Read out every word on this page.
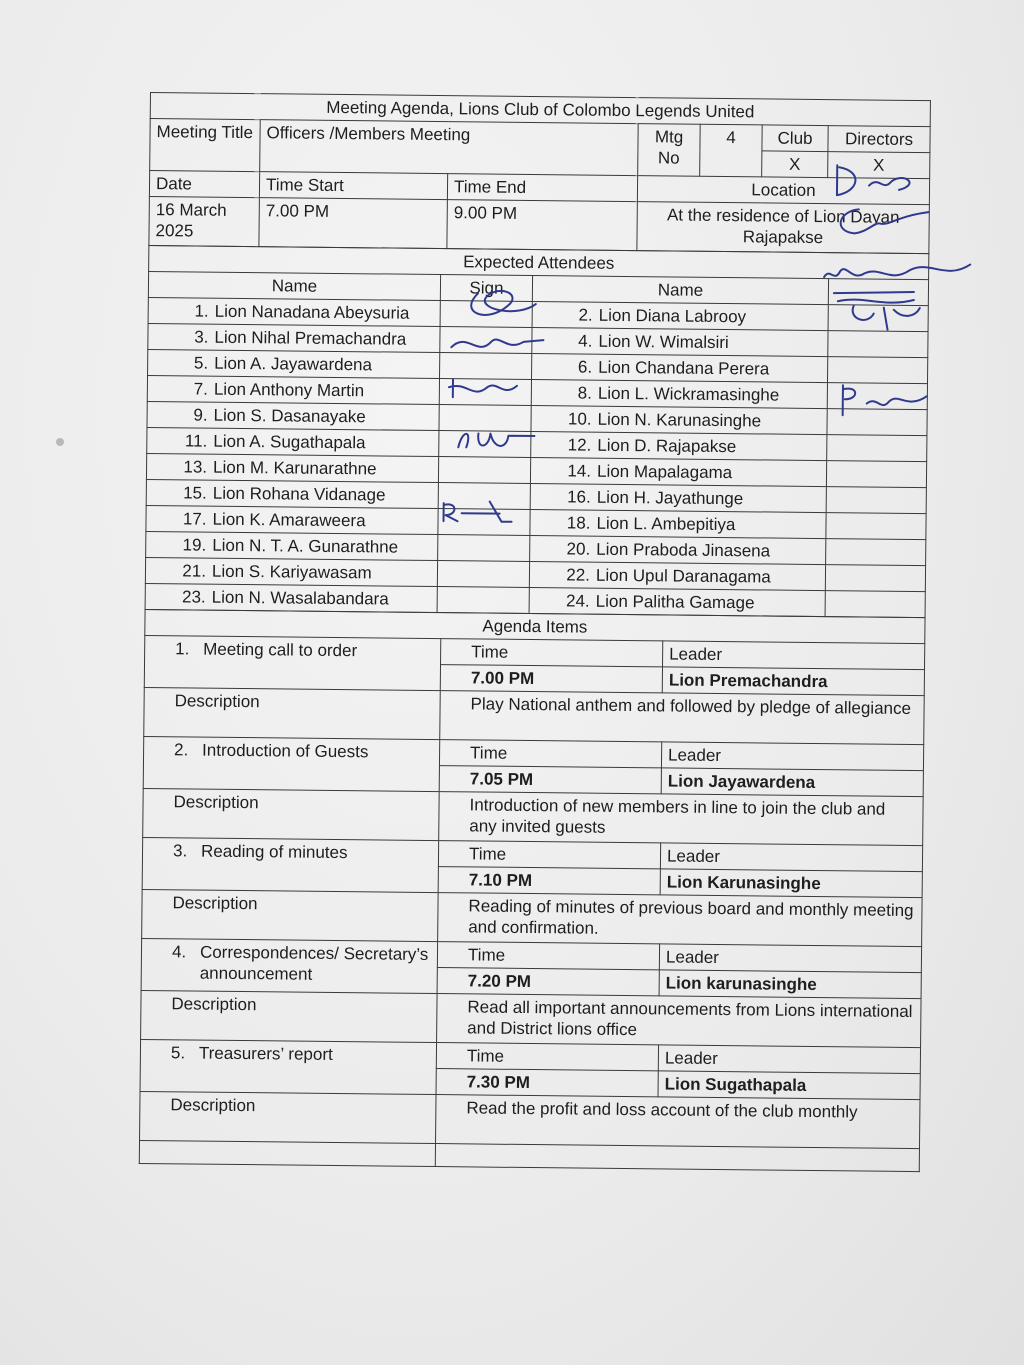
Meeting Agenda, Lions Club of Colombo Legends United						
Meeting Title	Officers /Members Meeting		Mtg No	4	Club	Directors
					X	X
Date	Time Start	Time End	Location			
16 March 2025	7.00 PM	9.00 PM	At the residence of Lion Dayan Rajapakse			
Expected Attendees			
Name	Sign	Name	
1. Lion Nanadana Abeysuria		2. Lion Diana Labrooy	
3. Lion Nihal Premachandra		4. Lion W. Wimalsiri	
5. Lion A. Jayawardena		6. Lion Chandana Perera	
7. Lion Anthony Martin		8. Lion L. Wickramasinghe	
9. Lion S. Dasanayake		10. Lion N. Karunasinghe	
11. Lion A. Sugathapala		12. Lion D. Rajapakse	
13. Lion M. Karunarathne		14. Lion Mapalagama	
15. Lion Rohana Vidanage		16. Lion H. Jayathunge	
17. Lion K. Amaraweera		18. Lion L. Ambepitiya	
19. Lion N. T. A. Gunarathne		20. Lion Praboda Jinasena	
21. Lion S. Kariyawasam		22. Lion Upul Daranagama	
23. Lion N. Wasalabandara		24. Lion Palitha Gamage	
Agenda Items		

1. Meeting call to order	Time	Leader
	7.00 PM	Lion Premachandra
Description	Play National anthem and followed by pledge of allegiance	

2. Introduction of Guests	Time	Leader
	7.05 PM	Lion Jayawardena
Description	Introduction of new members in line to join the club and any invited guests	

3. Reading of minutes	Time	Leader
	7.10 PM	Lion Karunasinghe
Description	Reading of minutes of previous board and monthly meeting and confirmation.	

4. Correspondences/ Secretary’s announcement	Time	Leader
	7.20 PM	Lion karunasinghe
Description	Read all important announcements from Lions international and District lions office	

5. Treasurers’ report	Time	Leader
	7.30 PM	Lion Sugathapala
Description	Read the profit and loss account of the club monthly	
